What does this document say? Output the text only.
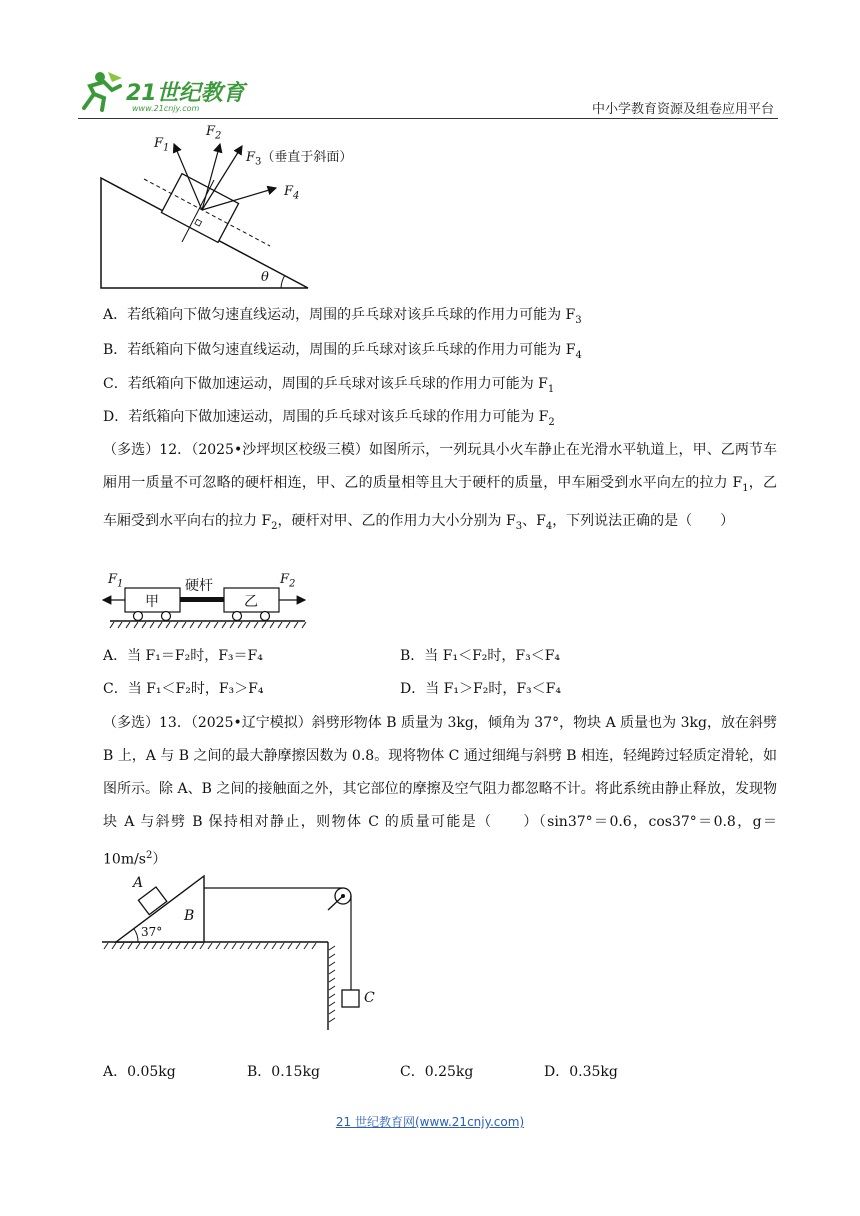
21世纪教育
www.21cnjy.com	中小学教育资源及组卷应用平台
$F_1$
$F_2$
$F_3$（垂直于斜面）
$F_4$
θ
A．若纸箱向下做匀速直线运动，周围的乒乓球对该乒乓球的作用力可能为 $F_3$
B．若纸箱向下做匀速直线运动，周围的乒乓球对该乒乓球的作用力可能为 $F_4$
C．若纸箱向下做加速运动，周围的乒乓球对该乒乓球的作用力可能为 $F_1$
D．若纸箱向下做加速运动，周围的乒乓球对该乒乓球的作用力可能为 $F_2$
（多选）12．（2025•沙坪坝区校级三模）如图所示，一列玩具小火车静止在光滑水平轨道上，甲、乙两节车厢用一质量不可忽略的硬杆相连，甲、乙的质量相等且大于硬杆的质量，甲车厢受到水平向左的拉力 $F_1$，乙车厢受到水平向右的拉力 $F_2$，硬杆对甲、乙的作用力大小分别为 $F_3$、$F_4$，下列说法正确的是（　　）
$F_1$	$F_2$
硬杆
甲	乙
A．当 F₁＝F₂时，F₃＝F₄	B．当 F₁＜F₂时，F₃＜F₄
C．当 F₁＜F₂时，F₃＞F₄	D．当 F₁＞F₂时，F₃＜F₄
（多选）13．（2025•辽宁模拟）斜劈形物体 B 质量为 3kg，倾角为 37°，物块 A 质量也为 3kg，放在斜劈 B 上，A 与 B 之间的最大静摩擦因数为 0.8。现将物体 C 通过细绳与斜劈 B 相连，轻绳跨过轻质定滑轮，如图所示。除 A、B 之间的接触面之外，其它部位的摩擦及空气阻力都忽略不计。将此系统由静止释放，发现物块 A 与斜劈 B 保持相对静止，则物体 C 的质量可能是（　　）（sin37°＝0.6，cos37°＝0.8，$g=10m/s^2$）
A
B
C
37°
A．0.05kg	B．0.15kg	C．0.25kg	D．0.35kg
21 世纪教育网(www.21cnjy.com)
